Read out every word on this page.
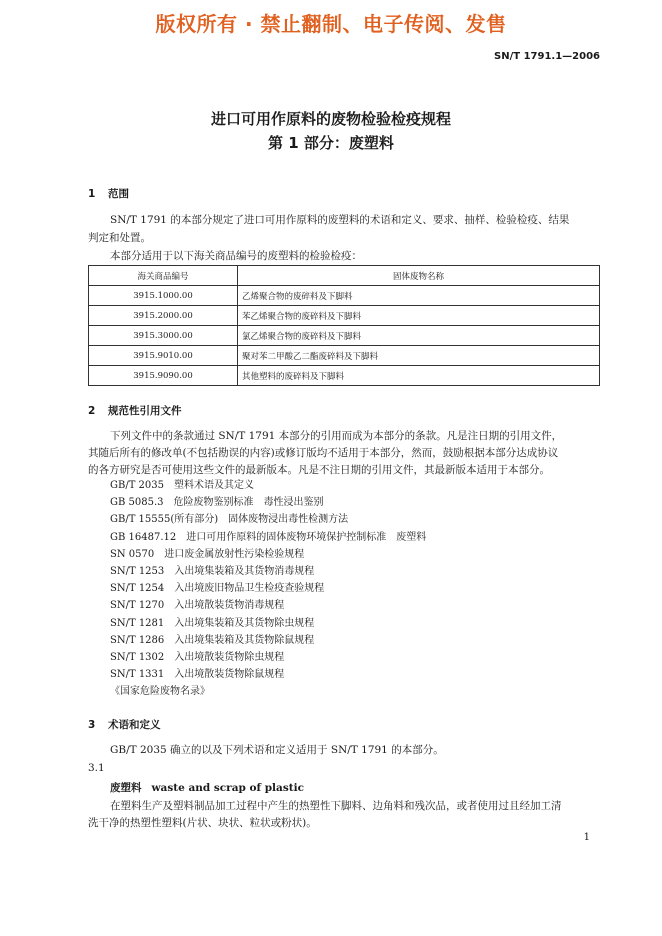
版权所有 · 禁止翻制、电子传阅、发售
SN/T 1791.1—2006
进口可用作原料的废物检验检疫规程
第 1 部分：废塑料
1 范围
SN/T 1791 的本部分规定了进口可用作原料的废塑料的术语和定义、要求、抽样、检验检疫、结果
判定和处置。
本部分适用于以下海关商品编号的废塑料的检验检疫：
海关商品编号	固体废物名称
3915.1000.00	乙烯聚合物的废碎料及下脚料
3915.2000.00	苯乙烯聚合物的废碎料及下脚料
3915.3000.00	氯乙烯聚合物的废碎料及下脚料
3915.9010.00	聚对苯二甲酸乙二酯废碎料及下脚料
3915.9090.00	其他塑料的废碎料及下脚料
2 规范性引用文件
下列文件中的条款通过 SN/T 1791 本部分的引用而成为本部分的条款。凡是注日期的引用文件，
其随后所有的修改单(不包括勘误的内容)或修订版均不适用于本部分，然而，鼓励根据本部分达成协议
的各方研究是否可使用这些文件的最新版本。凡是不注日期的引用文件，其最新版本适用于本部分。
GB/T 2035　塑料术语及其定义
GB 5085.3　危险废物鉴别标准　毒性浸出鉴别
GB/T 15555(所有部分)　固体废物浸出毒性检测方法
GB 16487.12　进口可用作原料的固体废物环境保护控制标准　废塑料
SN 0570　进口废金属放射性污染检验规程
SN/T 1253　入出境集装箱及其货物消毒规程
SN/T 1254　入出境废旧物品卫生检疫查验规程
SN/T 1270　入出境散装货物消毒规程
SN/T 1281　入出境集装箱及其货物除虫规程
SN/T 1286　入出境集装箱及其货物除鼠规程
SN/T 1302　入出境散装货物除虫规程
SN/T 1331　入出境散装货物除鼠规程
《国家危险废物名录》
3 术语和定义
GB/T 2035 确立的以及下列术语和定义适用于 SN/T 1791 的本部分。
3.1
废塑料 waste and scrap of plastic
在塑料生产及塑料制品加工过程中产生的热塑性下脚料、边角料和残次品，或者使用过且经加工清
洗干净的热塑性塑料(片状、块状、粒状或粉状)。
1
